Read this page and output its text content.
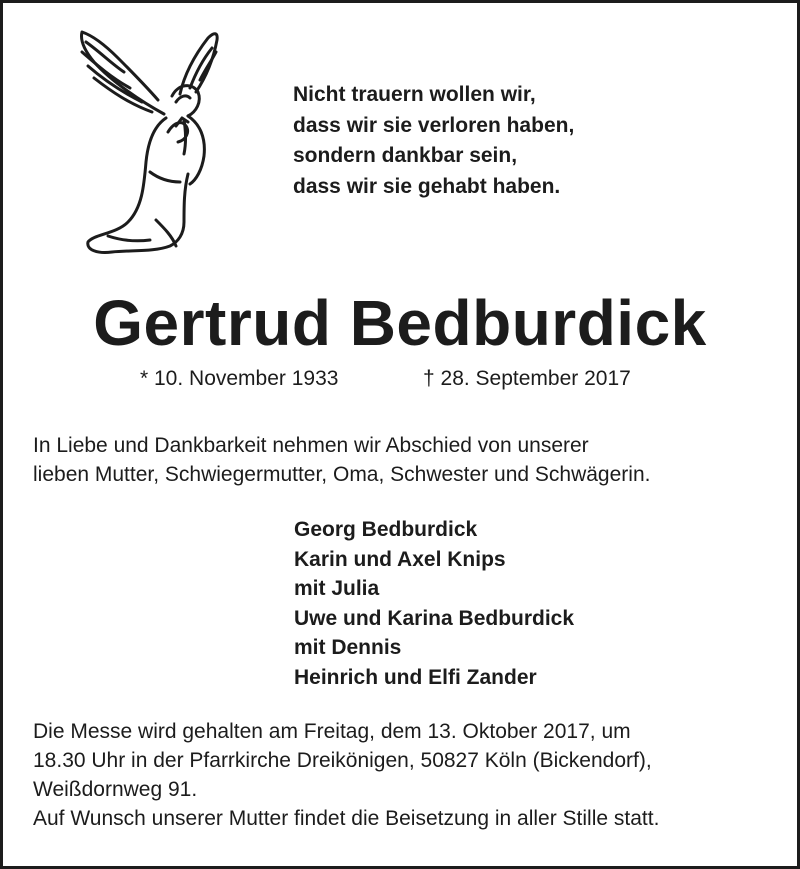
Nicht trauern wollen wir,
dass wir sie verloren haben,
sondern dankbar sein,
dass wir sie gehabt haben.
Gertrud Bedburdick
* 10. November 1933	† 28. September 2017
In Liebe und Dankbarkeit nehmen wir Abschied von unserer
lieben Mutter, Schwiegermutter, Oma, Schwester und Schwägerin.
Georg Bedburdick
Karin und Axel Knips
mit Julia
Uwe und Karina Bedburdick
mit Dennis
Heinrich und Elfi Zander
Die Messe wird gehalten am Freitag, dem 13. Oktober 2017, um
18.30 Uhr in der Pfarrkirche Dreikönigen, 50827 Köln (Bickendorf),
Weißdornweg 91.
Auf Wunsch unserer Mutter findet die Beisetzung in aller Stille statt.
